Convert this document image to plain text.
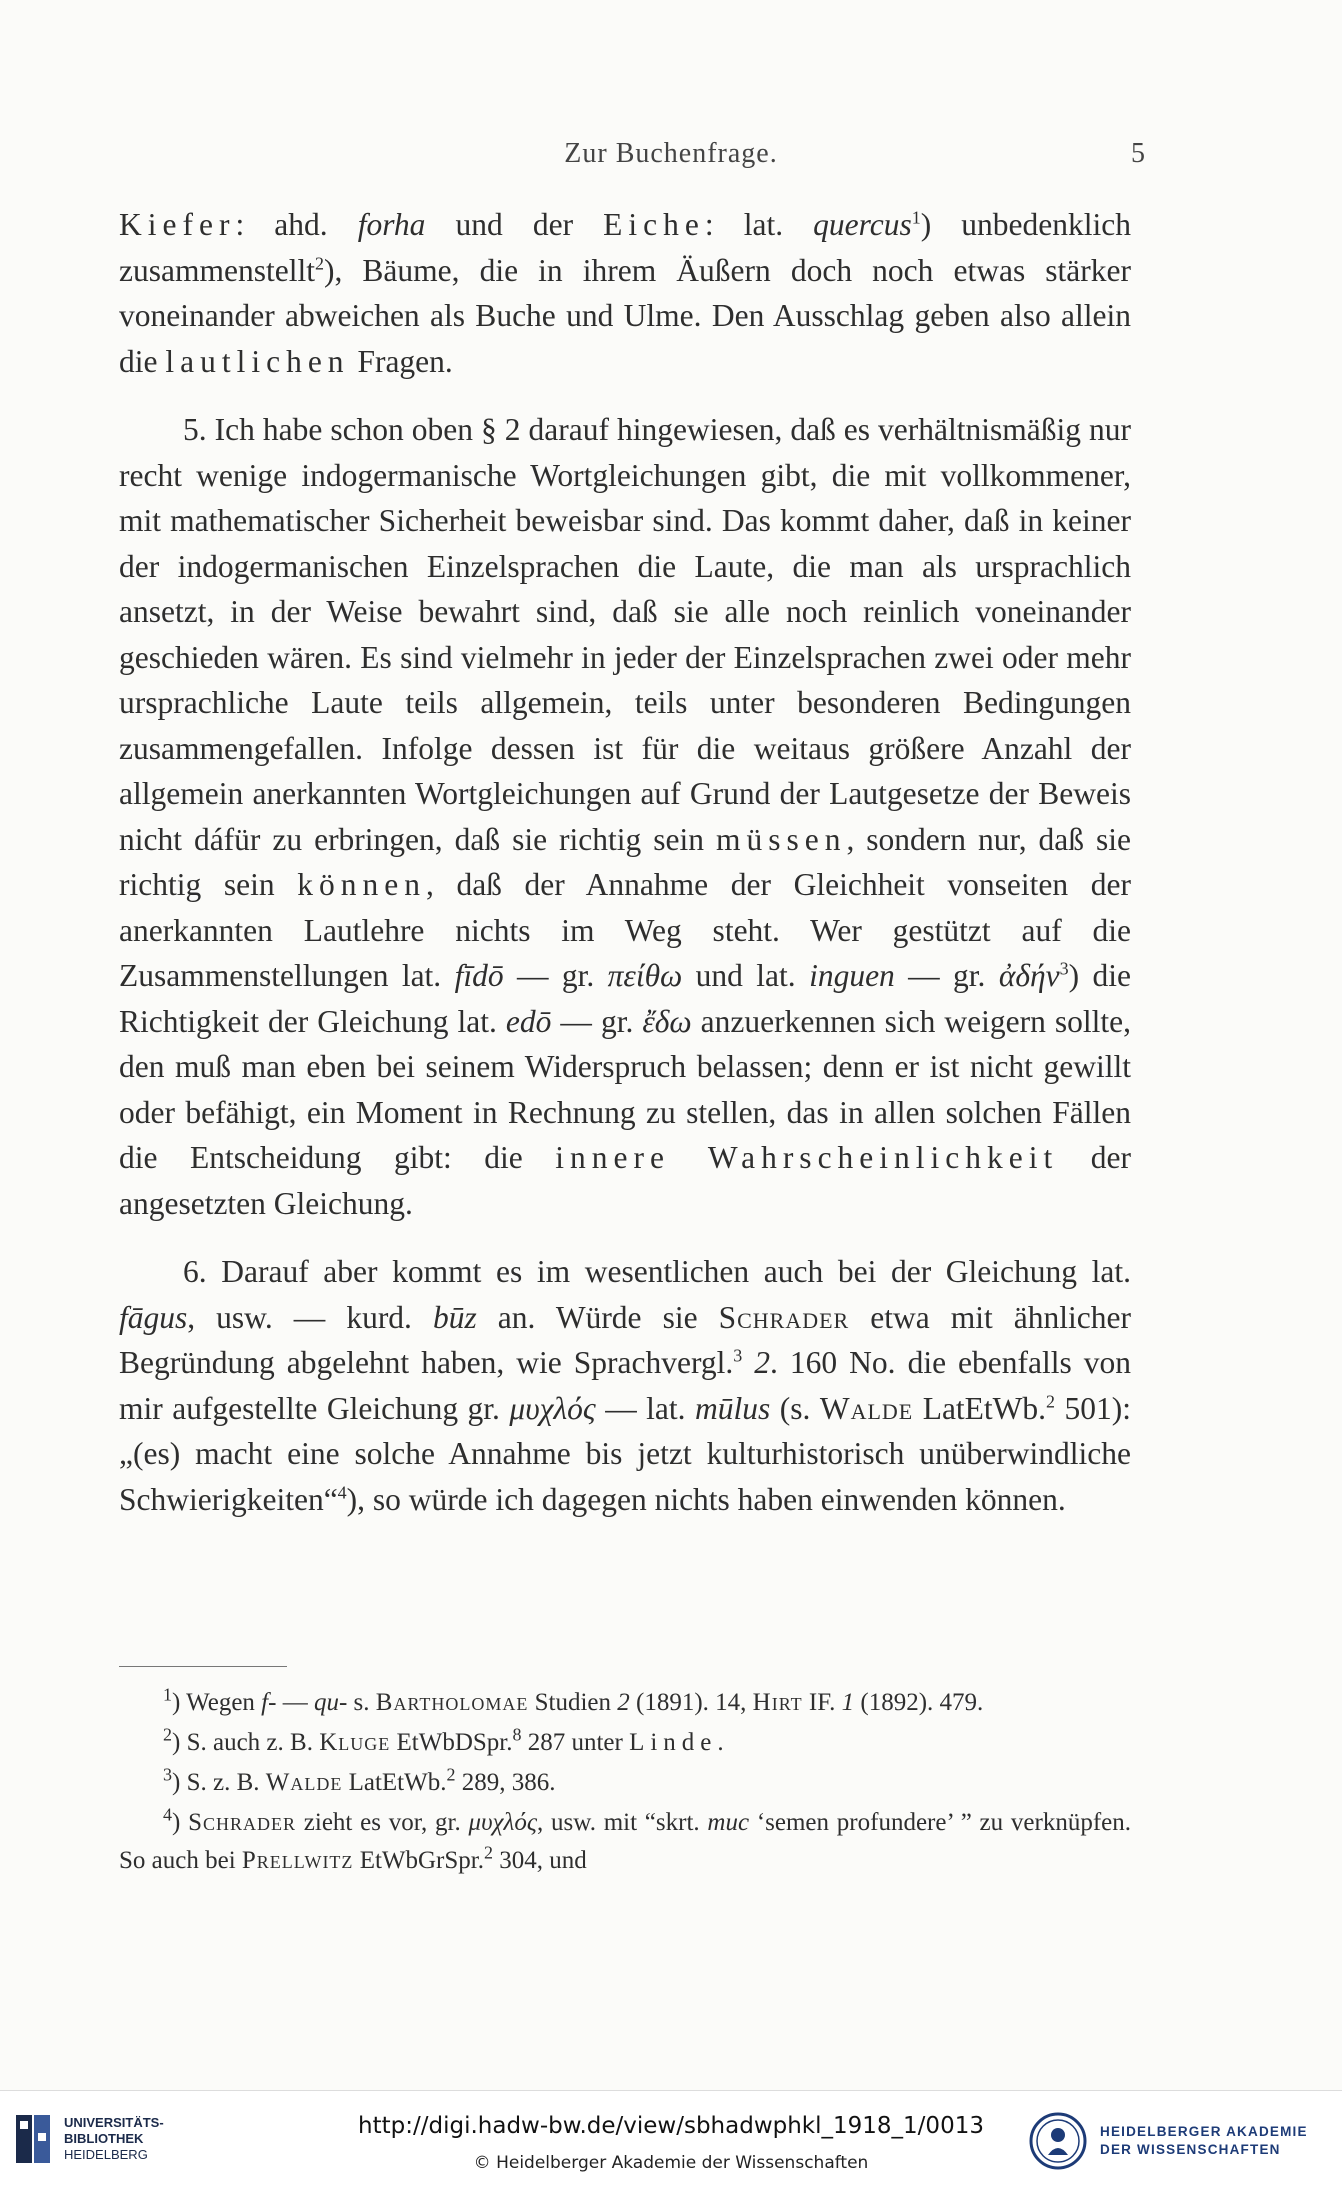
Zur Buchenfrage.	5

Kiefer: ahd. forha und der Eiche: lat. quercus$^1$) unbedenklich zusammenstellt$^2$), Bäume, die in ihrem Äußern doch noch etwas stärker voneinander abweichen als Buche und Ulme. Den Ausschlag geben also allein die lautlichen Fragen.

5. Ich habe schon oben § 2 darauf hingewiesen, daß es verhältnismäßig nur recht wenige indogermanische Wortgleichungen gibt, die mit vollkommener, mit mathematischer Sicherheit beweisbar sind. Das kommt daher, daß in keiner der indogermanischen Einzelsprachen die Laute, die man als ursprachlich ansetzt, in der Weise bewahrt sind, daß sie alle noch reinlich voneinander geschieden wären. Es sind vielmehr in jeder der Einzelsprachen zwei oder mehr ursprachliche Laute teils allgemein, teils unter besonderen Bedingungen zusammengefallen. Infolge dessen ist für die weitaus größere Anzahl der allgemein anerkannten Wortgleichungen auf Grund der Lautgesetze der Beweis nicht dáfür zu erbringen, daß sie richtig sein müssen, sondern nur, daß sie richtig sein können, daß der Annahme der Gleichheit vonseiten der anerkannten Lautlehre nichts im Weg steht. Wer gestützt auf die Zusammenstellungen lat. fīdō — gr. πείθω und lat. inguen — gr. ἀδήν$^3$) die Richtigkeit der Gleichung lat. edō — gr. ἔδω anzuerkennen sich weigern sollte, den muß man eben bei seinem Widerspruch belassen; denn er ist nicht gewillt oder befähigt, ein Moment in Rechnung zu stellen, das in allen solchen Fällen die Entscheidung gibt: die innere Wahrscheinlichkeit der angesetzten Gleichung.

6. Darauf aber kommt es im wesentlichen auch bei der Gleichung lat. fāgus, usw. — kurd. būz an. Würde sie Schrader etwa mit ähnlicher Begründung abgelehnt haben, wie Sprachvergl.$^3$ 2. 160 No. die ebenfalls von mir aufgestellte Gleichung gr. μυχλός — lat. mūlus (s. Walde LatEtWb.$^2$ 501): „(es) macht eine solche Annahme bis jetzt kulturhistorisch unüberwindliche Schwierigkeiten“$^4$), so würde ich dagegen nichts haben einwenden können.

$^1$) Wegen f- — qu- s. Bartholomae Studien 2 (1891). 14, Hirt IF. 1 (1892). 479.

$^2$) S. auch z. B. Kluge EtWbDSpr.$^8$ 287 unter Linde.

$^3$) S. z. B. Walde LatEtWb.$^2$ 289, 386.

$^4$) Schrader zieht es vor, gr. μυχλός, usw. mit “skrt. muc ‘semen profundere’ ” zu verknüpfen. So auch bei Prellwitz EtWbGrSpr.$^2$ 304, und

UNIVERSITÄTS-
BIBLIOTHEK
HEIDELBERG
http://digi.hadw-bw.de/view/sbhadwphkl_1918_1/0013
© Heidelberger Akademie der Wissenschaften
HEIDELBERGER AKADEMIE
DER WISSENSCHAFTEN
